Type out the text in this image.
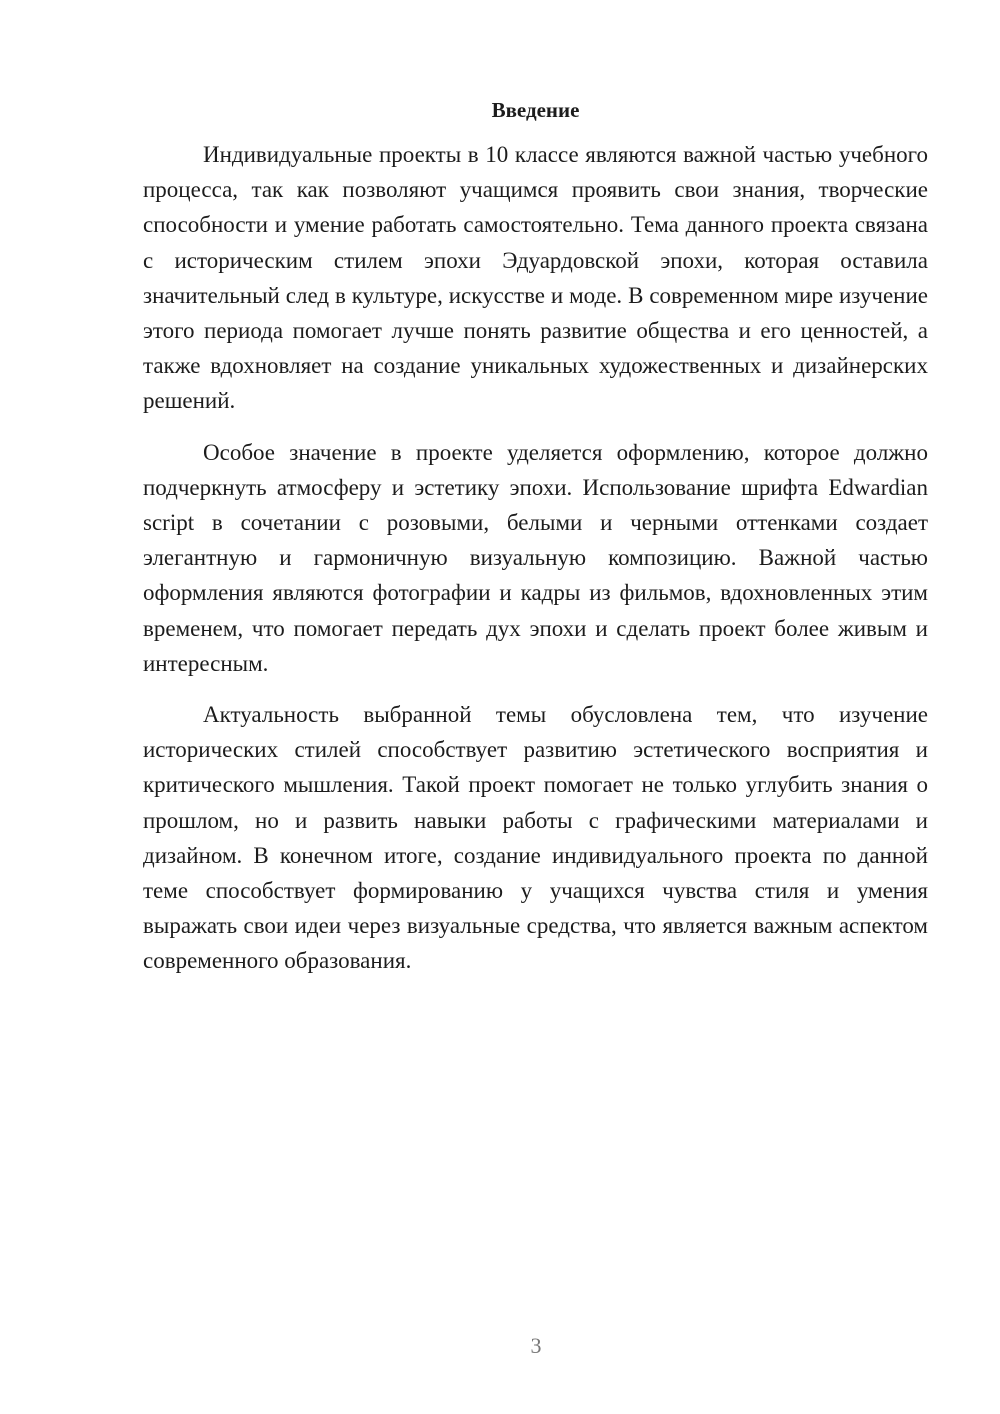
Введение

Индивидуальные проекты в 10 классе являются важной частью учебного процесса, так как позволяют учащимся проявить свои знания, творческие способности и умение работать самостоятельно. Тема данного проекта связана с историческим стилем эпохи Эдуардовской эпохи, которая оставила значительный след в культуре, искусстве и моде. В современном мире изучение этого периода помогает лучше понять развитие общества и его ценностей, а также вдохновляет на создание уникальных художественных и дизайнерских решений.

Особое значение в проекте уделяется оформлению, которое должно подчеркнуть атмосферу и эстетику эпохи. Использование шрифта Edwardian script в сочетании с розовыми, белыми и черными оттенками создает элегантную и гармоничную визуальную композицию. Важной частью оформления являются фотографии и кадры из фильмов, вдохновленных этим временем, что помогает передать дух эпохи и сделать проект более живым и интересным.

Актуальность выбранной темы обусловлена тем, что изучение исторических стилей способствует развитию эстетического восприятия и критического мышления. Такой проект помогает не только углубить знания о прошлом, но и развить навыки работы с графическими материалами и дизайном. В конечном итоге, создание индивидуального проекта по данной теме способствует формированию у учащихся чувства стиля и умения выражать свои идеи через визуальные средства, что является важным аспектом современного образования.

3
